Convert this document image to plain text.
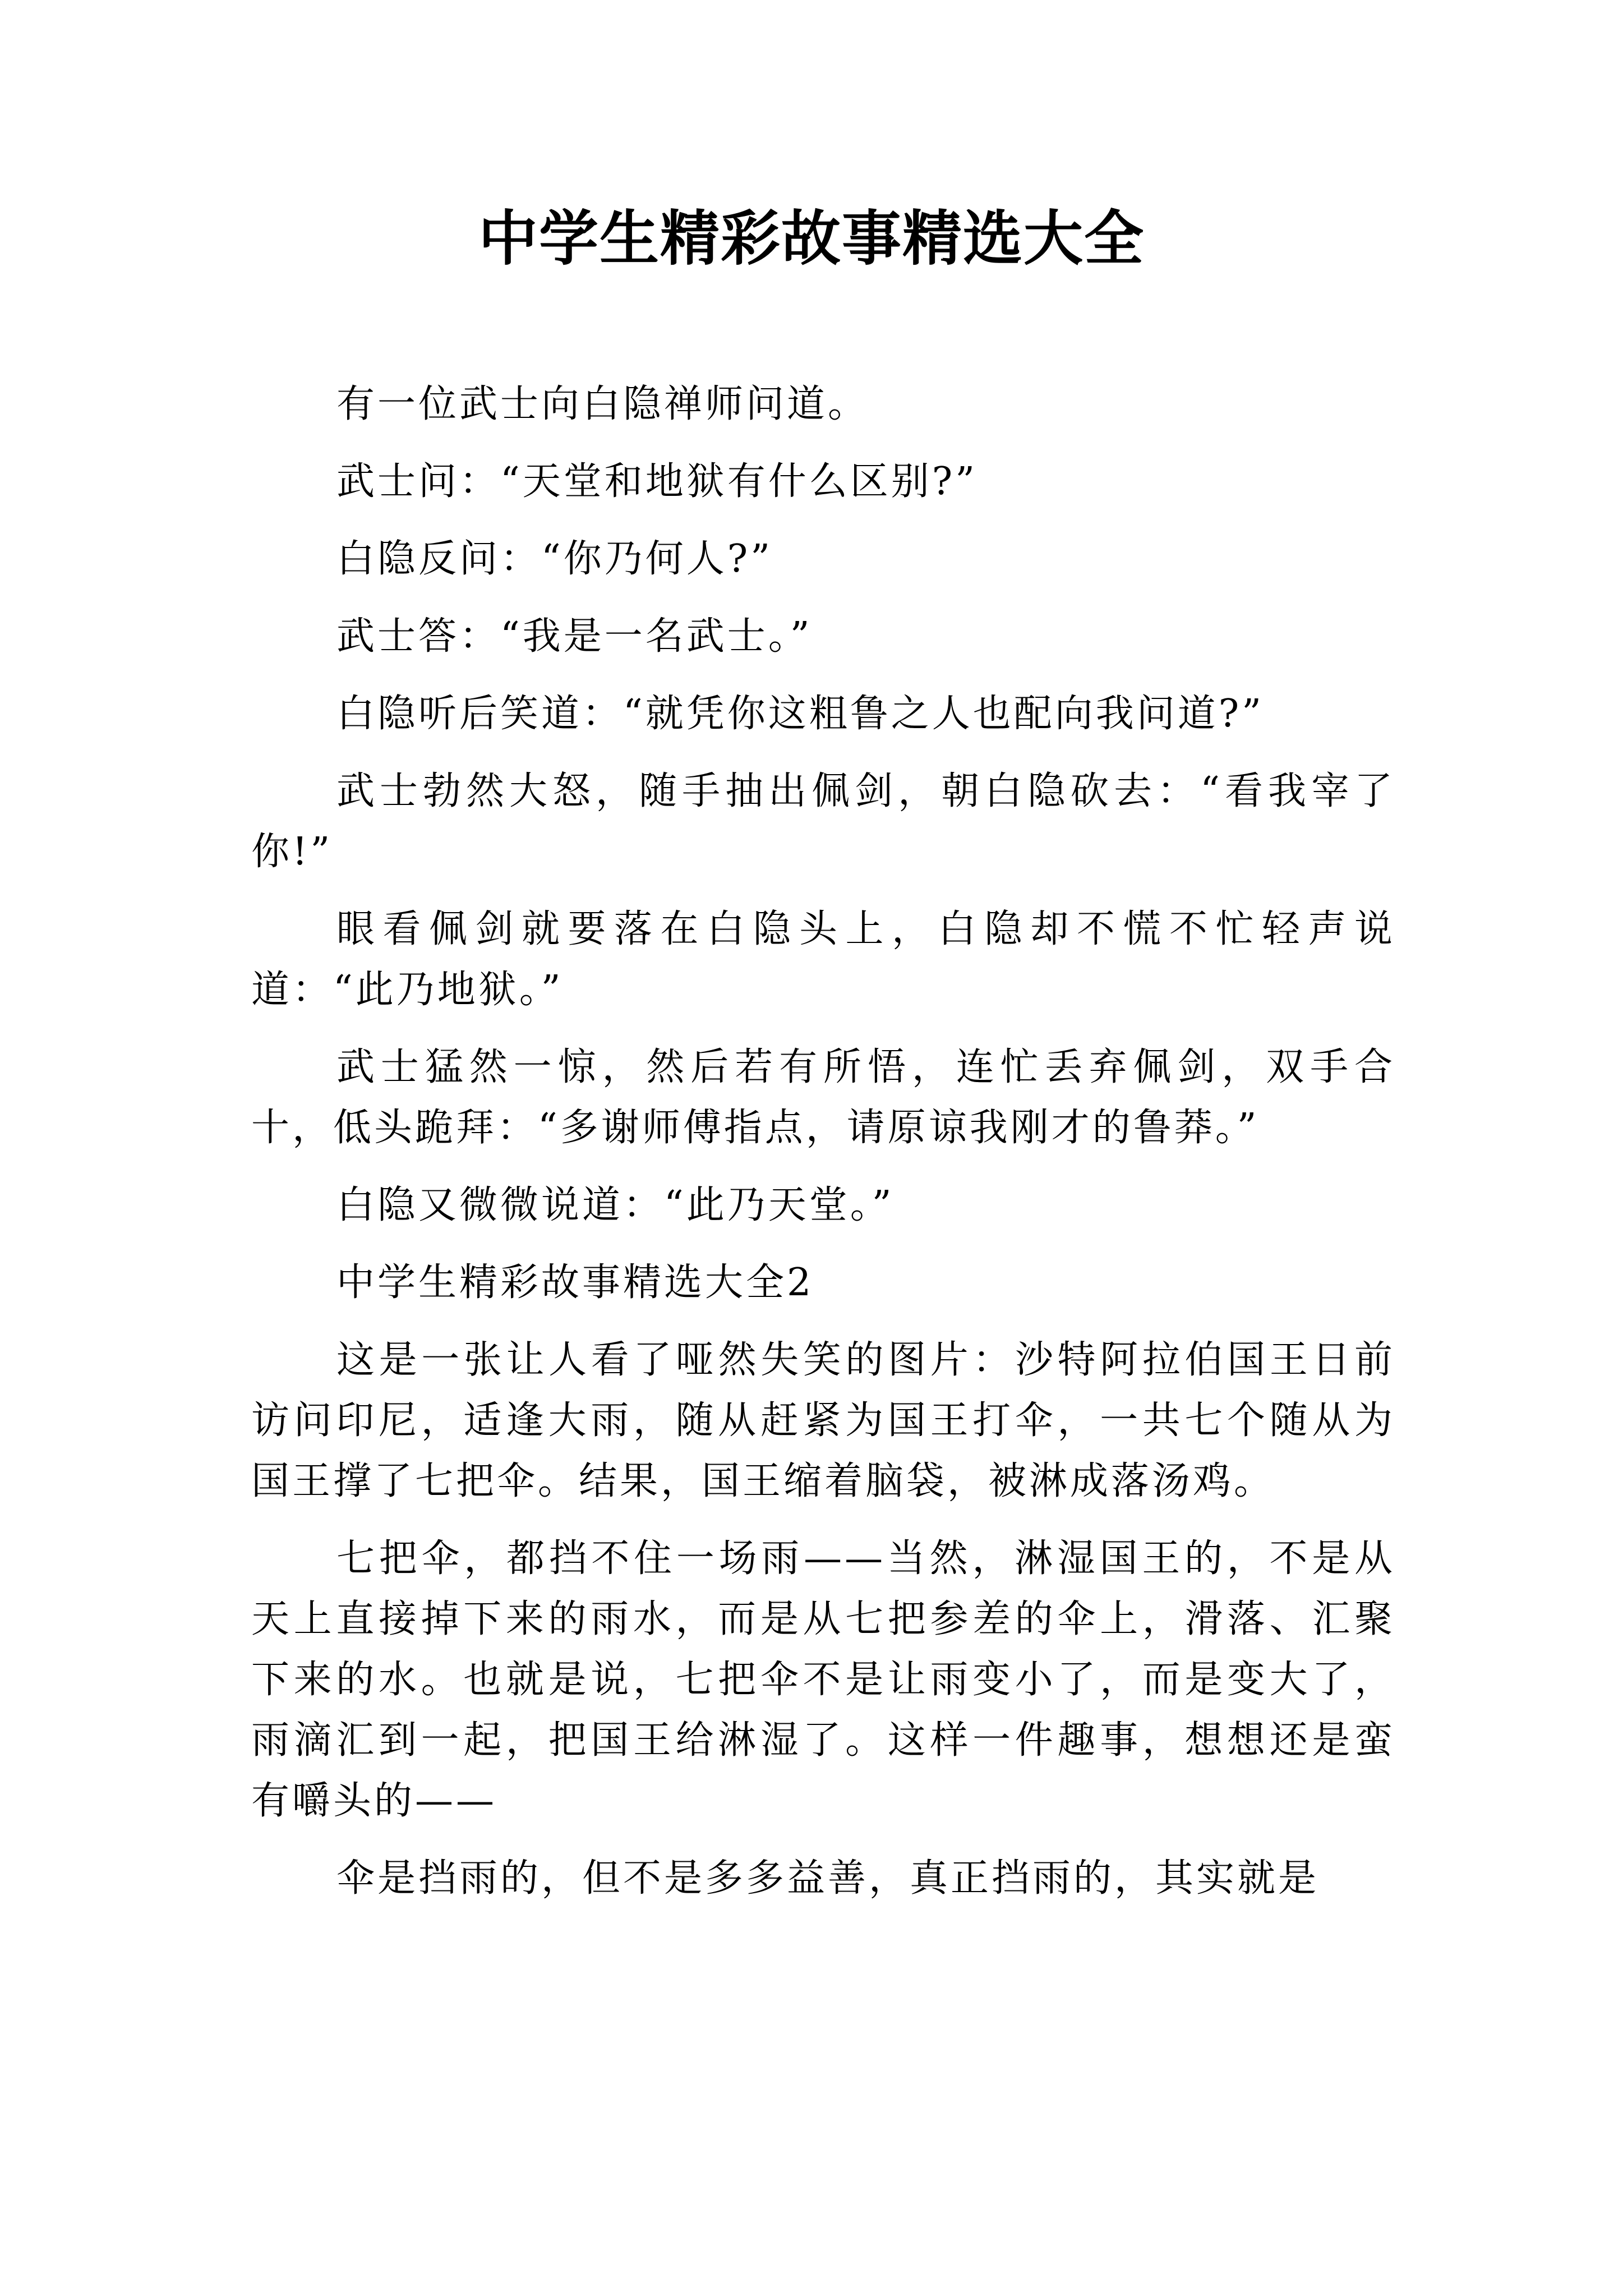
中学生精彩故事精选大全

有一位武士向白隐禅师问道。

武士问：“天堂和地狱有什么区别?”

白隐反问：“你乃何人?”

武士答：“我是一名武士。”

白隐听后笑道：“就凭你这粗鲁之人也配向我问道?”

武士勃然大怒，随手抽出佩剑，朝白隐砍去：“看我宰了你!”

眼看佩剑就要落在白隐头上，白隐却不慌不忙轻声说道：“此乃地狱。”

武士猛然一惊，然后若有所悟，连忙丢弃佩剑，双手合十，低头跪拜：“多谢师傅指点，请原谅我刚才的鲁莽。”

白隐又微微说道：“此乃天堂。”

中学生精彩故事精选大全2

这是一张让人看了哑然失笑的图片：沙特阿拉伯国王日前访问印尼，适逢大雨，随从赶紧为国王打伞，一共七个随从为国王撑了七把伞。结果，国王缩着脑袋，被淋成落汤鸡。

七把伞，都挡不住一场雨——当然，淋湿国王的，不是从天上直接掉下来的雨水，而是从七把参差的伞上，滑落、汇聚下来的水。也就是说，七把伞不是让雨变小了，而是变大了，雨滴汇到一起，把国王给淋湿了。这样一件趣事，想想还是蛮有嚼头的——

伞是挡雨的，但不是多多益善，真正挡雨的，其实就是
